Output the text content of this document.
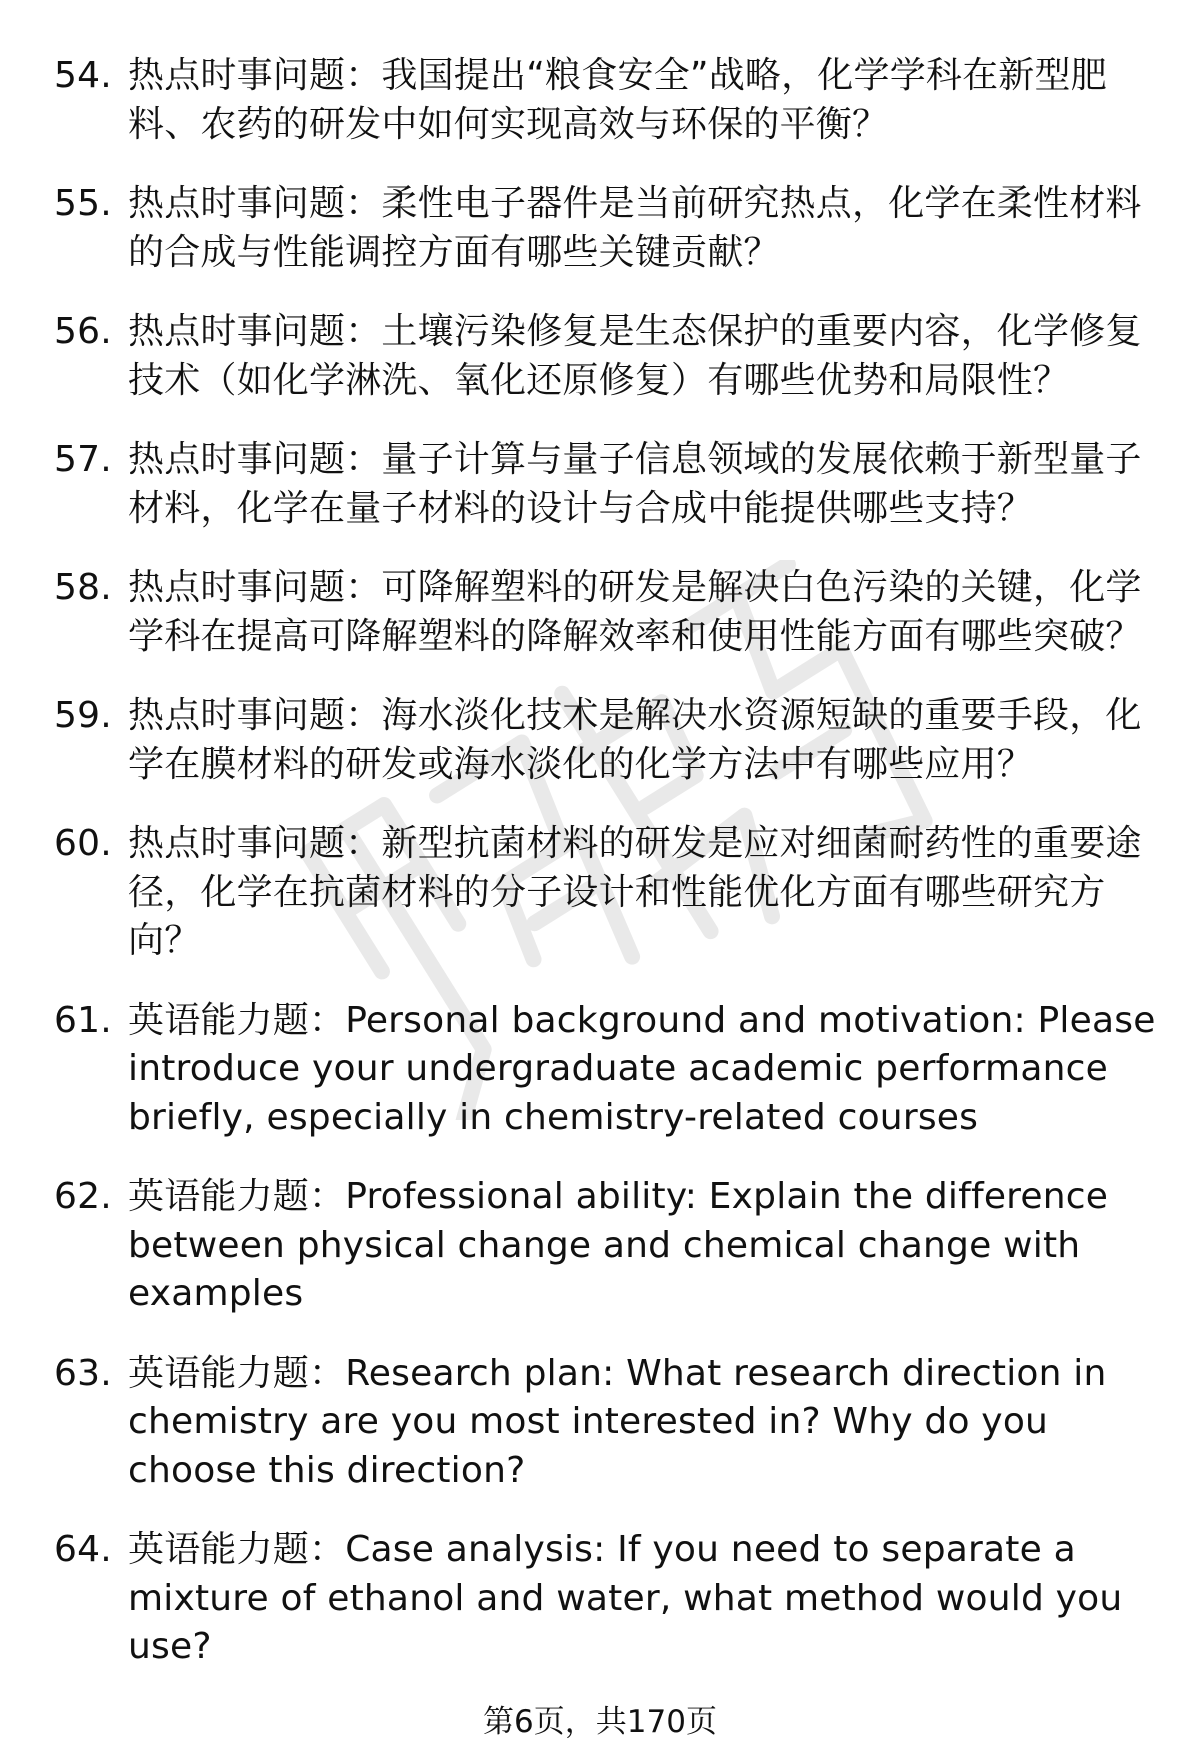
54. 热点时事问题：我国提出“粮食安全”战略，化学学科在新型肥料、农药的研发中如何实现高效与环保的平衡？
55. 热点时事问题：柔性电子器件是当前研究热点，化学在柔性材料的合成与性能调控方面有哪些关键贡献？
56. 热点时事问题：土壤污染修复是生态保护的重要内容，化学修复技术（如化学淋洗、氧化还原修复）有哪些优势和局限性？
57. 热点时事问题：量子计算与量子信息领域的发展依赖于新型量子材料，化学在量子材料的设计与合成中能提供哪些支持？
58. 热点时事问题：可降解塑料的研发是解决白色污染的关键，化学学科在提高可降解塑料的降解效率和使用性能方面有哪些突破？
59. 热点时事问题：海水淡化技术是解决水资源短缺的重要手段，化学在膜材料的研发或海水淡化的化学方法中有哪些应用？
60. 热点时事问题：新型抗菌材料的研发是应对细菌耐药性的重要途径，化学在抗菌材料的分子设计和性能优化方面有哪些研究方向？
61. 英语能力题：Personal background and motivation: Please introduce your undergraduate academic performance briefly, especially in chemistry-related courses
62. 英语能力题：Professional ability: Explain the difference between physical change and chemical change with examples
63. 英语能力题：Research plan: What research direction in chemistry are you most interested in? Why do you choose this direction?
64. 英语能力题：Case analysis: If you need to separate a mixture of ethanol and water, what method would you use?
第6页，共170页
